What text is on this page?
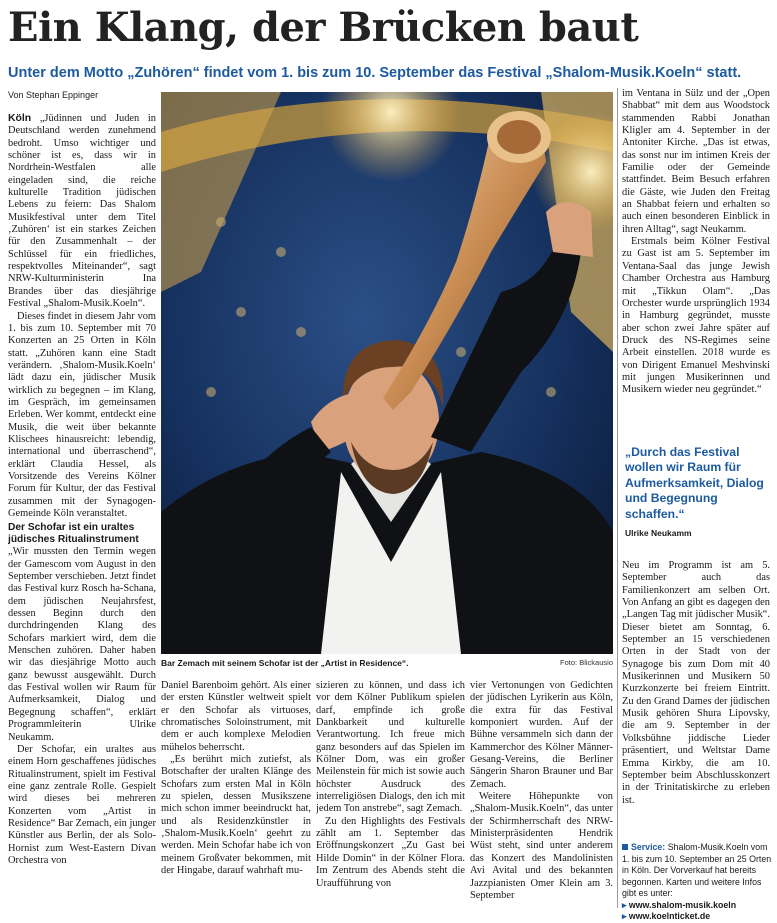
Ein Klang, der Brücken baut
Unter dem Motto „Zuhören“ findet vom 1. bis zum 10. September das Festival „Shalom-Musik.Koeln“ statt.
Von Stephan Eppinger

Köln „Jüdinnen und Juden in Deutschland werden zunehmend bedroht. Umso wichtiger und schöner ist es, dass wir in Nordrhein-Westfalen alle eingeladen sind, die reiche kulturelle Tradition jüdischen Lebens zu feiern: Das Shalom Musikfestival unter dem Titel ‚Zuhören‘ ist ein starkes Zeichen für den Zusammenhalt – der Schlüssel für ein friedliches, respektvolles Miteinander“, sagt NRW-Kulturministerin Ina Brandes über das diesjährige Festival „Shalom-Musik.Koeln“.

Dieses findet in diesem Jahr vom 1. bis zum 10. September mit 70 Konzerten an 25 Orten in Köln statt. „Zuhören kann eine Stadt verändern. ‚Shalom-Musik.Koeln‘ lädt dazu ein, jüdischer Musik wirklich zu begegnen – im Klang, im Gespräch, im gemeinsamen Erleben. Wer kommt, entdeckt eine Musik, die weit über bekannte Klischees hinausreicht: lebendig, international und überraschend“, erklärt Claudia Hessel, als Vorsitzende des Vereins Kölner Forum für Kultur, der das Festival zusammen mit der Synagogen-Gemeinde Köln veranstaltet.

Der Schofar ist ein uraltes jüdisches Ritualinstrument

„Wir mussten den Termin wegen der Gamescom vom August in den September verschieben. Jetzt findet das Festival kurz Rosch ha-Schana, dem jüdischen Neujahrsfest, dessen Beginn durch den durchdringenden Klang des Schofars markiert wird, dem die Menschen zuhören. Daher haben wir das diesjährige Motto auch ganz bewusst ausgewählt. Durch das Festival wollen wir Raum für Aufmerksamkeit, Dialog und Begegnung schaffen“, erklärt Programmleiterin Ulrike Neukamm.

Der Schofar, ein uraltes aus einem Horn geschaffenes jüdisches Ritualinstrument, spielt im Festival eine ganz zentrale Rolle. Gespielt wird dieses bei mehreren Konzerten vom „Artist in Residence“ Bar Zemach, ein junger Künstler aus Berlin, der als Solo-Hornist zum West-Eastern Divan Orchestra von

Bar Zemach mit seinem Schofar ist der „Artist in Residence“.	Foto: Blickausio

Daniel Barenboim gehört. Als einer der ersten Künstler weltweit spielt er den Schofar als virtuoses, chromatisches Soloinstrument, mit dem er auch komplexe Melodien mühelos beherrscht.

„Es berührt mich zutiefst, als Botschafter der uralten Klänge des Schofars zum ersten Mal in Köln zu spielen, dessen Musikszene mich schon immer beeindruckt hat, und als Residenzkünstler in ‚Shalom-Musik.Koeln‘ geehrt zu werden. Mein Schofar habe ich von meinem Großvater bekommen, mit der Hingabe, darauf wahrhaft mu-

sizieren zu können, und dass ich vor dem Kölner Publikum spielen darf, empfinde ich große Dankbarkeit und kulturelle Verantwortung. Ich freue mich ganz besonders auf das Spielen im Kölner Dom, was ein großer Meilenstein für mich ist sowie auch höchster Ausdruck des interreligiösen Dialogs, den ich mit jedem Ton anstrebe“, sagt Zemach.

Zu den Highlights des Festivals zählt am 1. September das Eröffnungskonzert „Zu Gast bei Hilde Domin“ in der Kölner Flora. Im Zentrum des Abends steht die Uraufführung von

vier Vertonungen von Gedichten der jüdischen Lyrikerin aus Köln, die extra für das Festival komponiert wurden. Auf der Bühne versammeln sich dann der Kammerchor des Kölner Männer-Gesang-Vereins, die Berliner Sängerin Sharon Brauner und Bar Zemach.

Weitere Höhepunkte von „Shalom-Musik.Koeln“, das unter der Schirmherrschaft des NRW-Ministerpräsidenten Hendrik Wüst steht, sind unter anderem das Konzert des Mandolinisten Avi Avital und des bekannten Jazzpianisten Omer Klein am 3. September

im Ventana in Sülz und der „Open Shabbat“ mit dem aus Woodstock stammenden Rabbi Jonathan Kligler am 4. September in der Antoniter Kirche. „Das ist etwas, das sonst nur im intimen Kreis der Familie oder der Gemeinde stattfindet. Beim Besuch erfahren die Gäste, wie Juden den Freitag an Shabbat feiern und erhalten so auch einen besonderen Einblick in ihren Alltag“, sagt Neukamm.

Erstmals beim Kölner Festival zu Gast ist am 5. September im Ventana-Saal das junge Jewish Chamber Orchestra aus Hamburg mit „Tikkun Olam“. „Das Orchester wurde ursprünglich 1934 in Hamburg gegründet, musste aber schon zwei Jahre später auf Druck des NS-Regimes seine Arbeit einstellen. 2018 wurde es von Dirigent Emanuel Meshvinski mit jungen Musikerinnen und Musikern wieder neu gegründet.“

„Durch das Festival wollen wir Raum für Aufmerksamkeit, Dialog und Begegnung schaffen.“
Ulrike Neukamm

Neu im Programm ist am 5. September auch das Familienkonzert am selben Ort. Von Anfang an gibt es dagegen den „Langen Tag mit jüdischer Musik“. Dieser bietet am Sonntag, 6. September an 15 verschiedenen Orten in der Stadt von der Synagoge bis zum Dom mit 40 Musikerinnen und Musikern 50 Kurzkonzerte bei freiem Eintritt. Zu den Grand Dames der jüdischen Musik gehören Shura Lipovsky, die am 9. September in der Volksbühne jiddische Lieder präsentiert, und Weltstar Dame Emma Kirkby, die am 10. September beim Abschlusskonzert in der Trinitatiskirche zu erleben ist.

Service: Shalom-Musik.Koeln vom 1. bis zum 10. September an 25 Orten in Köln. Der Vorverkauf hat bereits begonnen. Karten und weitere Infos gibt es unter:
▸ www.shalom-musik.koeln
▸ www.koelnticket.de
